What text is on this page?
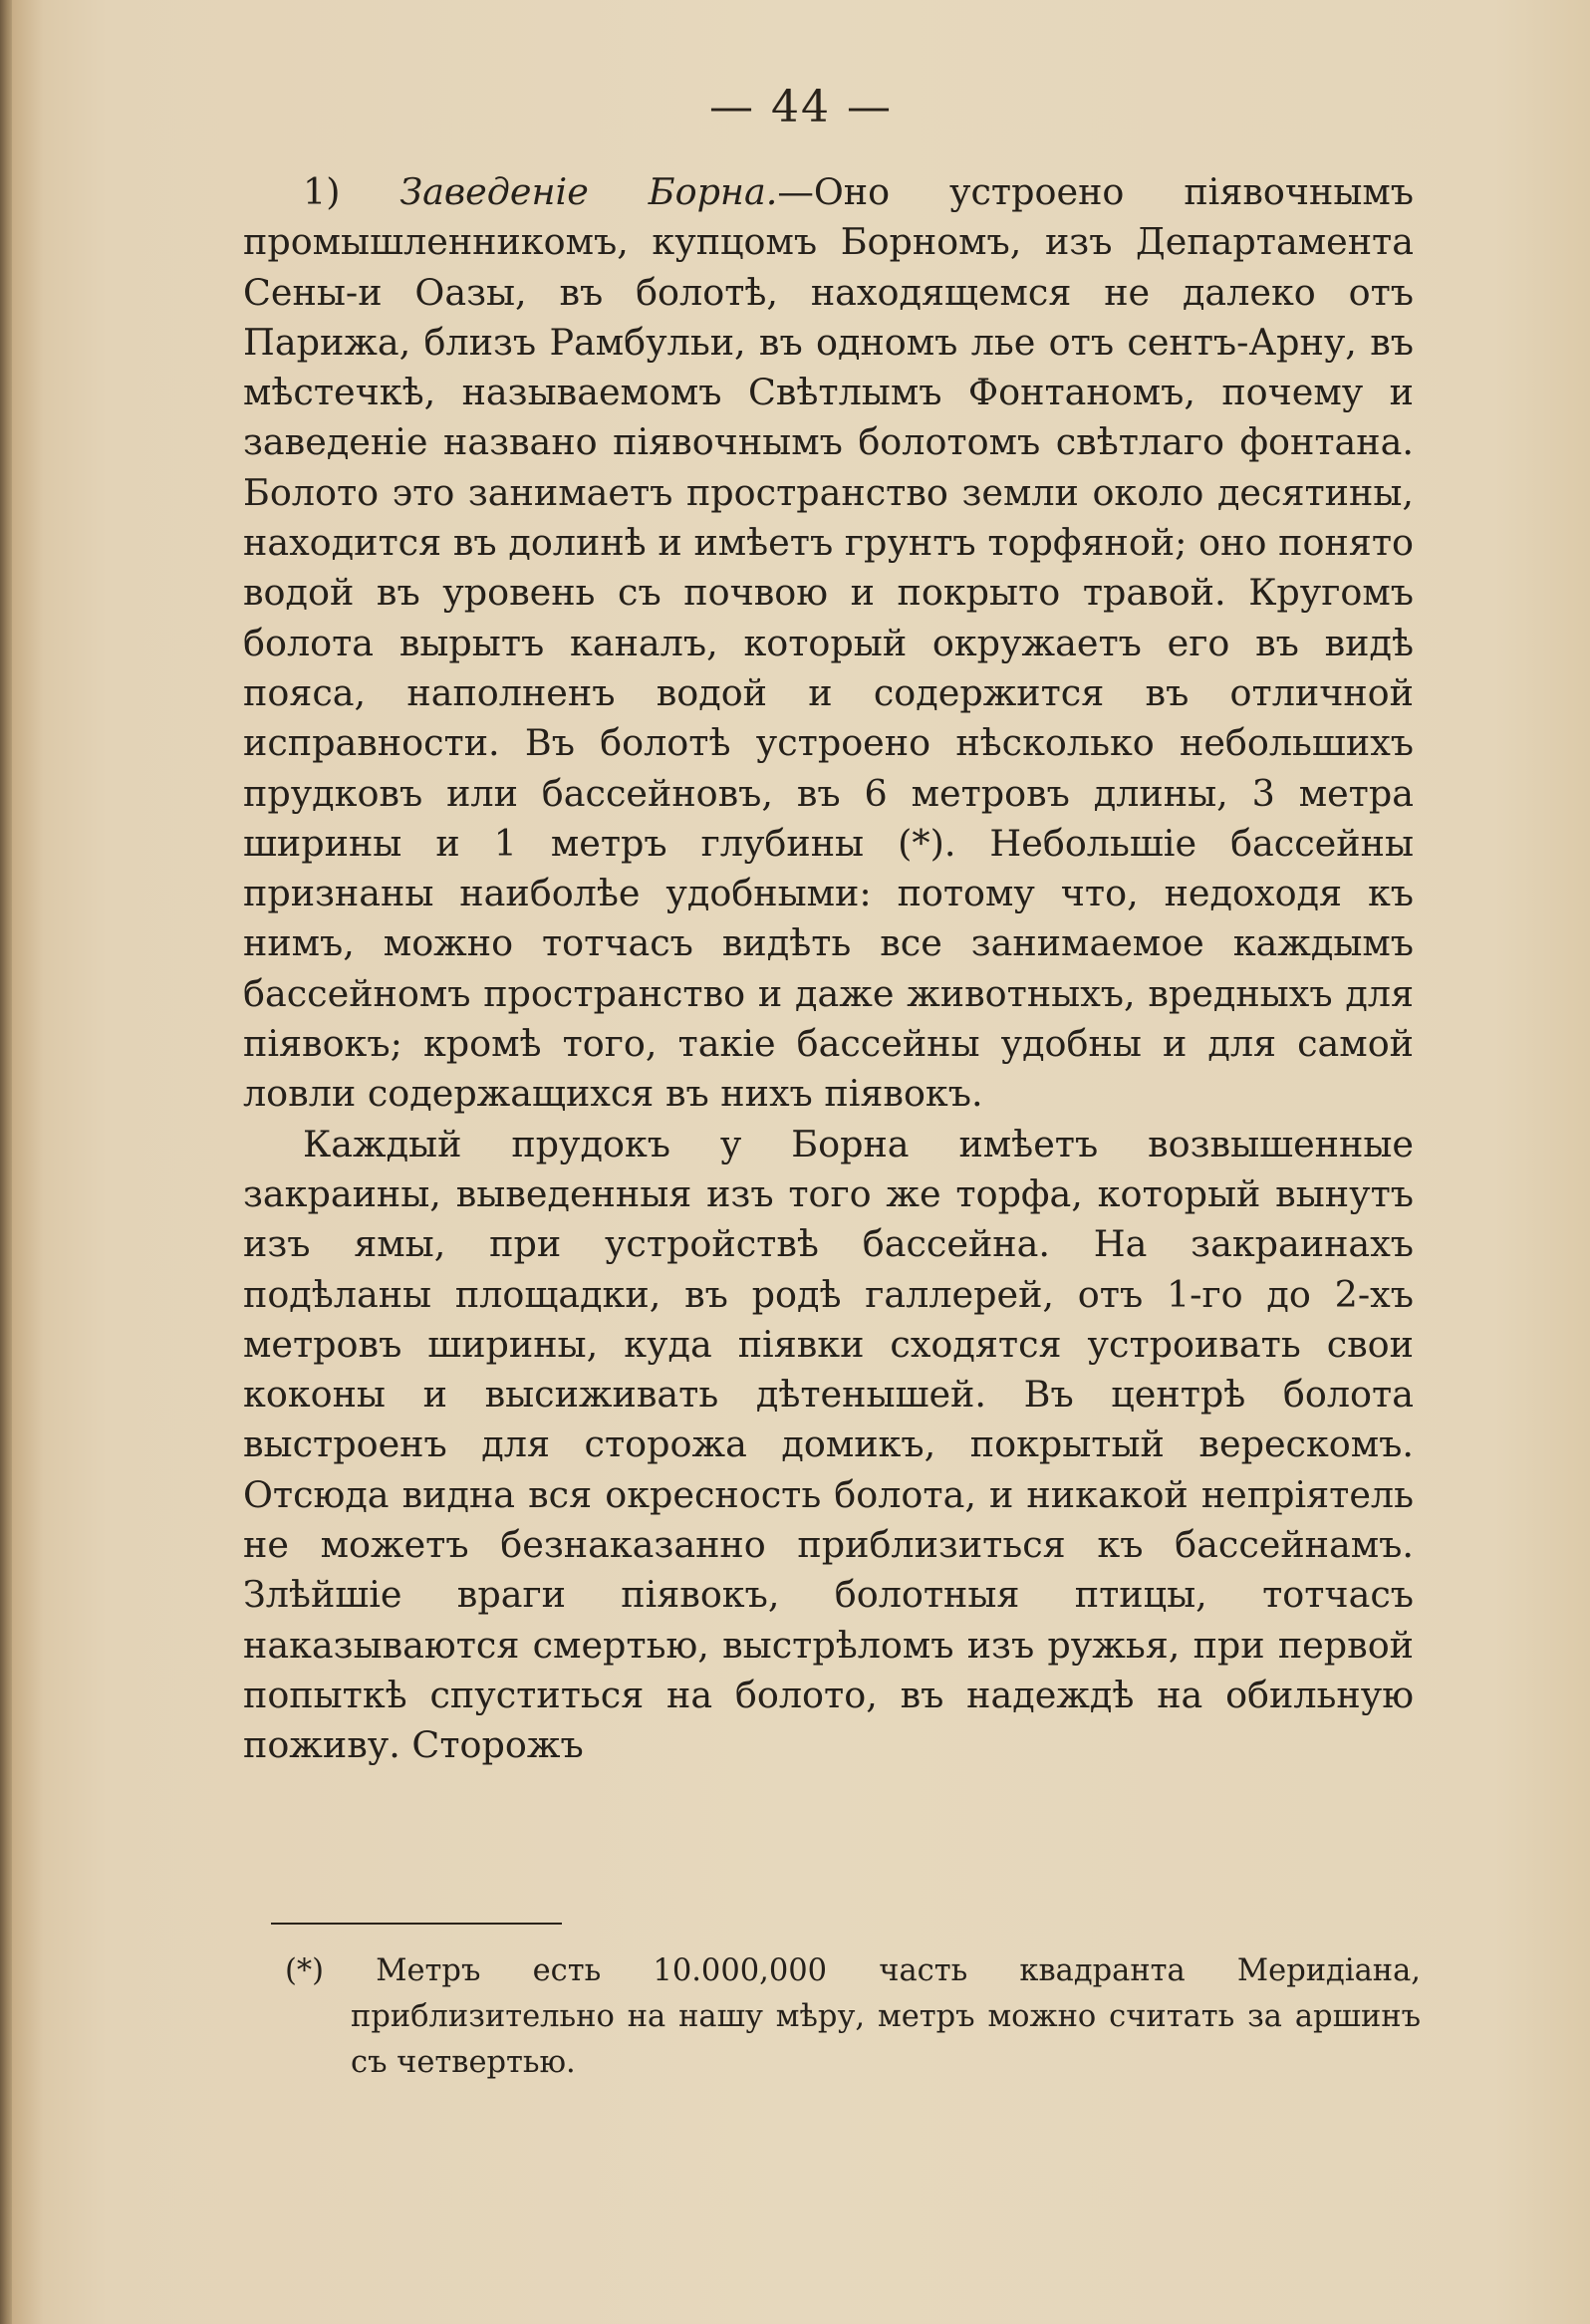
— 44 —

1) Заведеніе Борна.—Оно устроено піявочнымъ промышленникомъ, купцомъ Борномъ, изъ Департамента Сены-и Оазы, въ болотѣ, находящемся не далеко отъ Парижа, близъ Рамбульи, въ одномъ лье отъ сентъ-Арну, въ мѣстечкѣ, называемомъ Свѣтлымъ Фонтаномъ, почему и заведеніе названо піявочнымъ болотомъ свѣтлаго фонтана. Болото это занимаетъ пространство земли около десятины, находится въ долинѣ и имѣетъ грунтъ торфяной; оно понято водой въ уровень съ почвою и покрыто травой. Кругомъ болота вырытъ каналъ, который окружаетъ его въ видѣ пояса, наполненъ водой и содержится въ отличной исправности. Въ болотѣ устроено нѣсколько небольшихъ прудковъ или бассейновъ, въ 6 метровъ длины, 3 метра ширины и 1 метръ глубины (*). Небольшіе бассейны признаны наиболѣе удобными: потому что, недоходя къ нимъ, можно тотчасъ видѣть все занимаемое каждымъ бассейномъ пространство и даже животныхъ, вредныхъ для піявокъ; кромѣ того, такіе бассейны удобны и для самой ловли содержащихся въ нихъ піявокъ.

Каждый прудокъ у Борна имѣетъ возвышенные закраины, выведенныя изъ того же торфа, который вынутъ изъ ямы, при устройствѣ бассейна. На закраинахъ подѣланы площадки, въ родѣ галлерей, отъ 1-го до 2-хъ метровъ ширины, куда піявки сходятся устроивать свои коконы и высиживать дѣтенышей. Въ центрѣ болота выстроенъ для сторожа домикъ, покрытый верескомъ. Отсюда видна вся окресность болота, и никакой непріятель не можетъ безнаказанно приблизиться къ бассейнамъ. Злѣйшіе враги піявокъ, болотныя птицы, тотчасъ наказываются смертью, выстрѣломъ изъ ружья, при первой попыткѣ спуститься на болото, въ надеждѣ на обильную поживу. Сторожъ

(*) Метръ есть 10.000,000 часть квадранта Меридіана, приблизительно на нашу мѣру, метръ можно считать за аршинъ съ четвертью.
